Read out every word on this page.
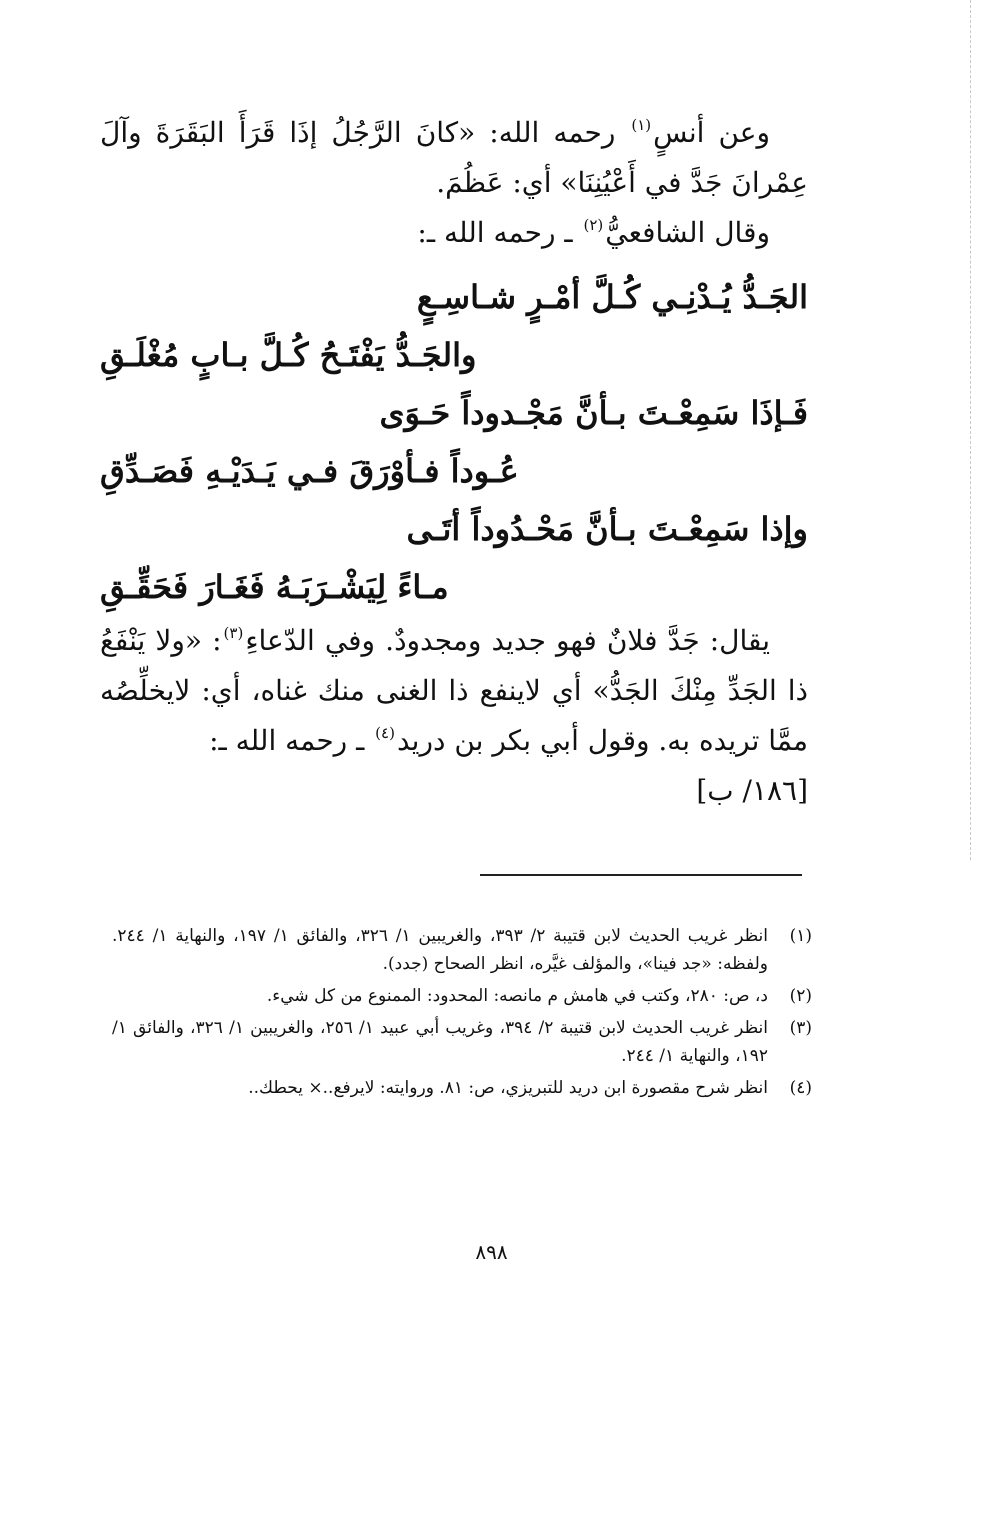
وعن أنسٍ$^{(١)}$ رحمه الله: «كانَ الرَّجُلُ إذَا قَرَأَ البَقَرَةَ وآلَ عِمْرانَ جَدَّ في أَعْيُنِنَا» أي: عَظُمَ.

وقال الشافعيُّ$^{(٢)}$ ـ رحمه الله ـ:

الجَـدُّ يُـدْنِـي كُـلَّ أمْـرٍ شـاسِـعٍ

والجَـدُّ يَفْتَـحُ كُـلَّ بـابٍ مُغْلَـقِ

فَـإذَا سَمِعْـتَ بـأنَّ مَجْـدوداً حَـوَى

عُـوداً فـأوْرَقَ فـي يَـدَيْـهِ فَصَـدِّقِ

وإذا سَمِعْـتَ بـأنَّ مَحْـدُوداً أتَـى

مـاءً لِيَشْـرَبَـهُ فَغَـارَ فَحَقِّـقِ

يقال: جَدَّ فلانٌ فهو جديد ومجدودٌ. وفي الدّعاءِ$^{(٣)}$: «ولا يَنْفَعُ ذا الجَدِّ مِنْكَ الجَدُّ» أي لاينفع ذا الغنى منك غناه، أي: لايخلِّصُه ممَّا تريده به. وقول أبي بكر بن دريد$^{(٤)}$ ـ رحمه الله ـ:

[١٨٦/ ب]

(١)
انظر غريب الحديث لابن قتيبة ٢/ ٣٩٣، والغريبين ١/ ٣٢٦، والفائق ١/ ١٩٧، والنهاية ١/ ٢٤٤. ولفظه: «جد فينا»، والمؤلف غيَّره، انظر الصحاح (جدد).
(٢)
د، ص: ٢٨٠، وكتب في هامش م مانصه: المحدود: الممنوع من كل شيء.
(٣)
انظر غريب الحديث لابن قتيبة ٢/ ٣٩٤، وغريب أبي عبيد ١/ ٢٥٦، والغريبين ١/ ٣٢٦، والفائق ١/ ١٩٢، والنهاية ١/ ٢٤٤.
(٤)
انظر شرح مقصورة ابن دريد للتبريزي، ص: ٨١. وروايته: لايرفع..× يحطك..
٨٩٨
